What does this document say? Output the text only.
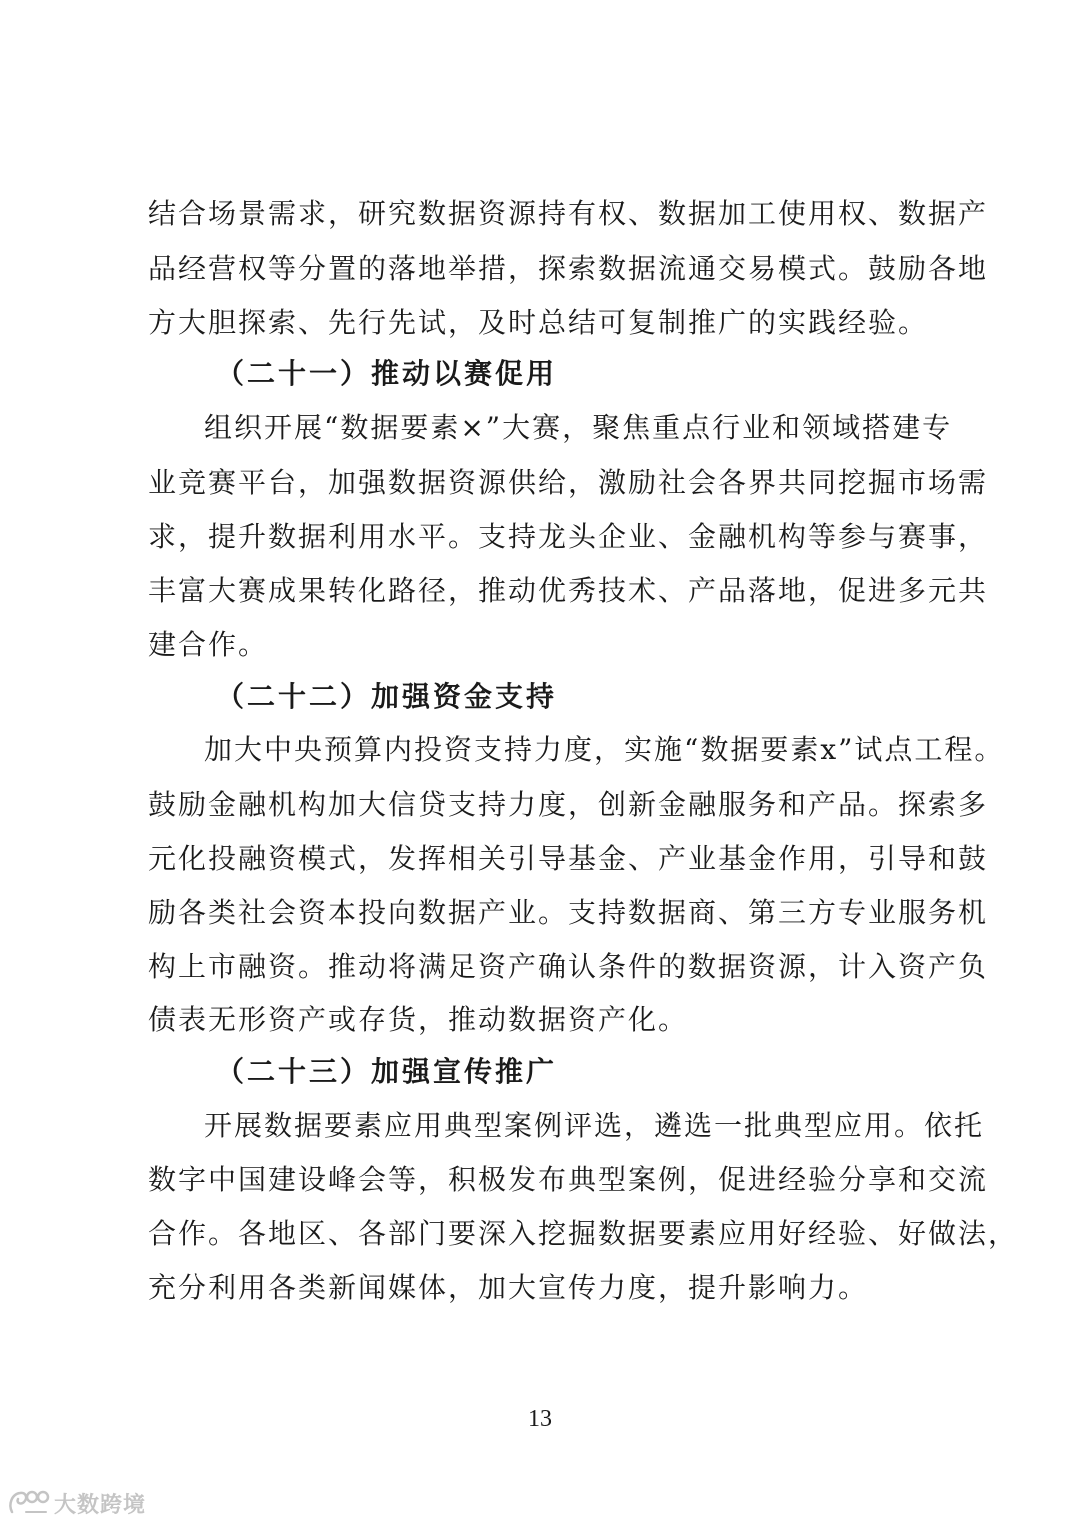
结合场景需求，研究数据资源持有权、数据加工使用权、数据产
品经营权等分置的落地举措，探索数据流通交易模式。鼓励各地
方大胆探索、先行先试，及时总结可复制推广的实践经验。
（二十一）推动以赛促用
组织开展“数据要素×”大赛，聚焦重点行业和领域搭建专
业竞赛平台，加强数据资源供给，激励社会各界共同挖掘市场需
求，提升数据利用水平。支持龙头企业、金融机构等参与赛事，
丰富大赛成果转化路径，推动优秀技术、产品落地，促进多元共
建合作。
（二十二）加强资金支持
加大中央预算内投资支持力度，实施“数据要素ⅹ”试点工程。
鼓励金融机构加大信贷支持力度，创新金融服务和产品。探索多
元化投融资模式，发挥相关引导基金、产业基金作用，引导和鼓
励各类社会资本投向数据产业。支持数据商、第三方专业服务机
构上市融资。推动将满足资产确认条件的数据资源，计入资产负
债表无形资产或存货，推动数据资产化。
（二十三）加强宣传推广
开展数据要素应用典型案例评选，遴选一批典型应用。依托
数字中国建设峰会等，积极发布典型案例，促进经验分享和交流
合作。各地区、各部门要深入挖掘数据要素应用好经验、好做法，
充分利用各类新闻媒体，加大宣传力度，提升影响力。
13
大数跨境
